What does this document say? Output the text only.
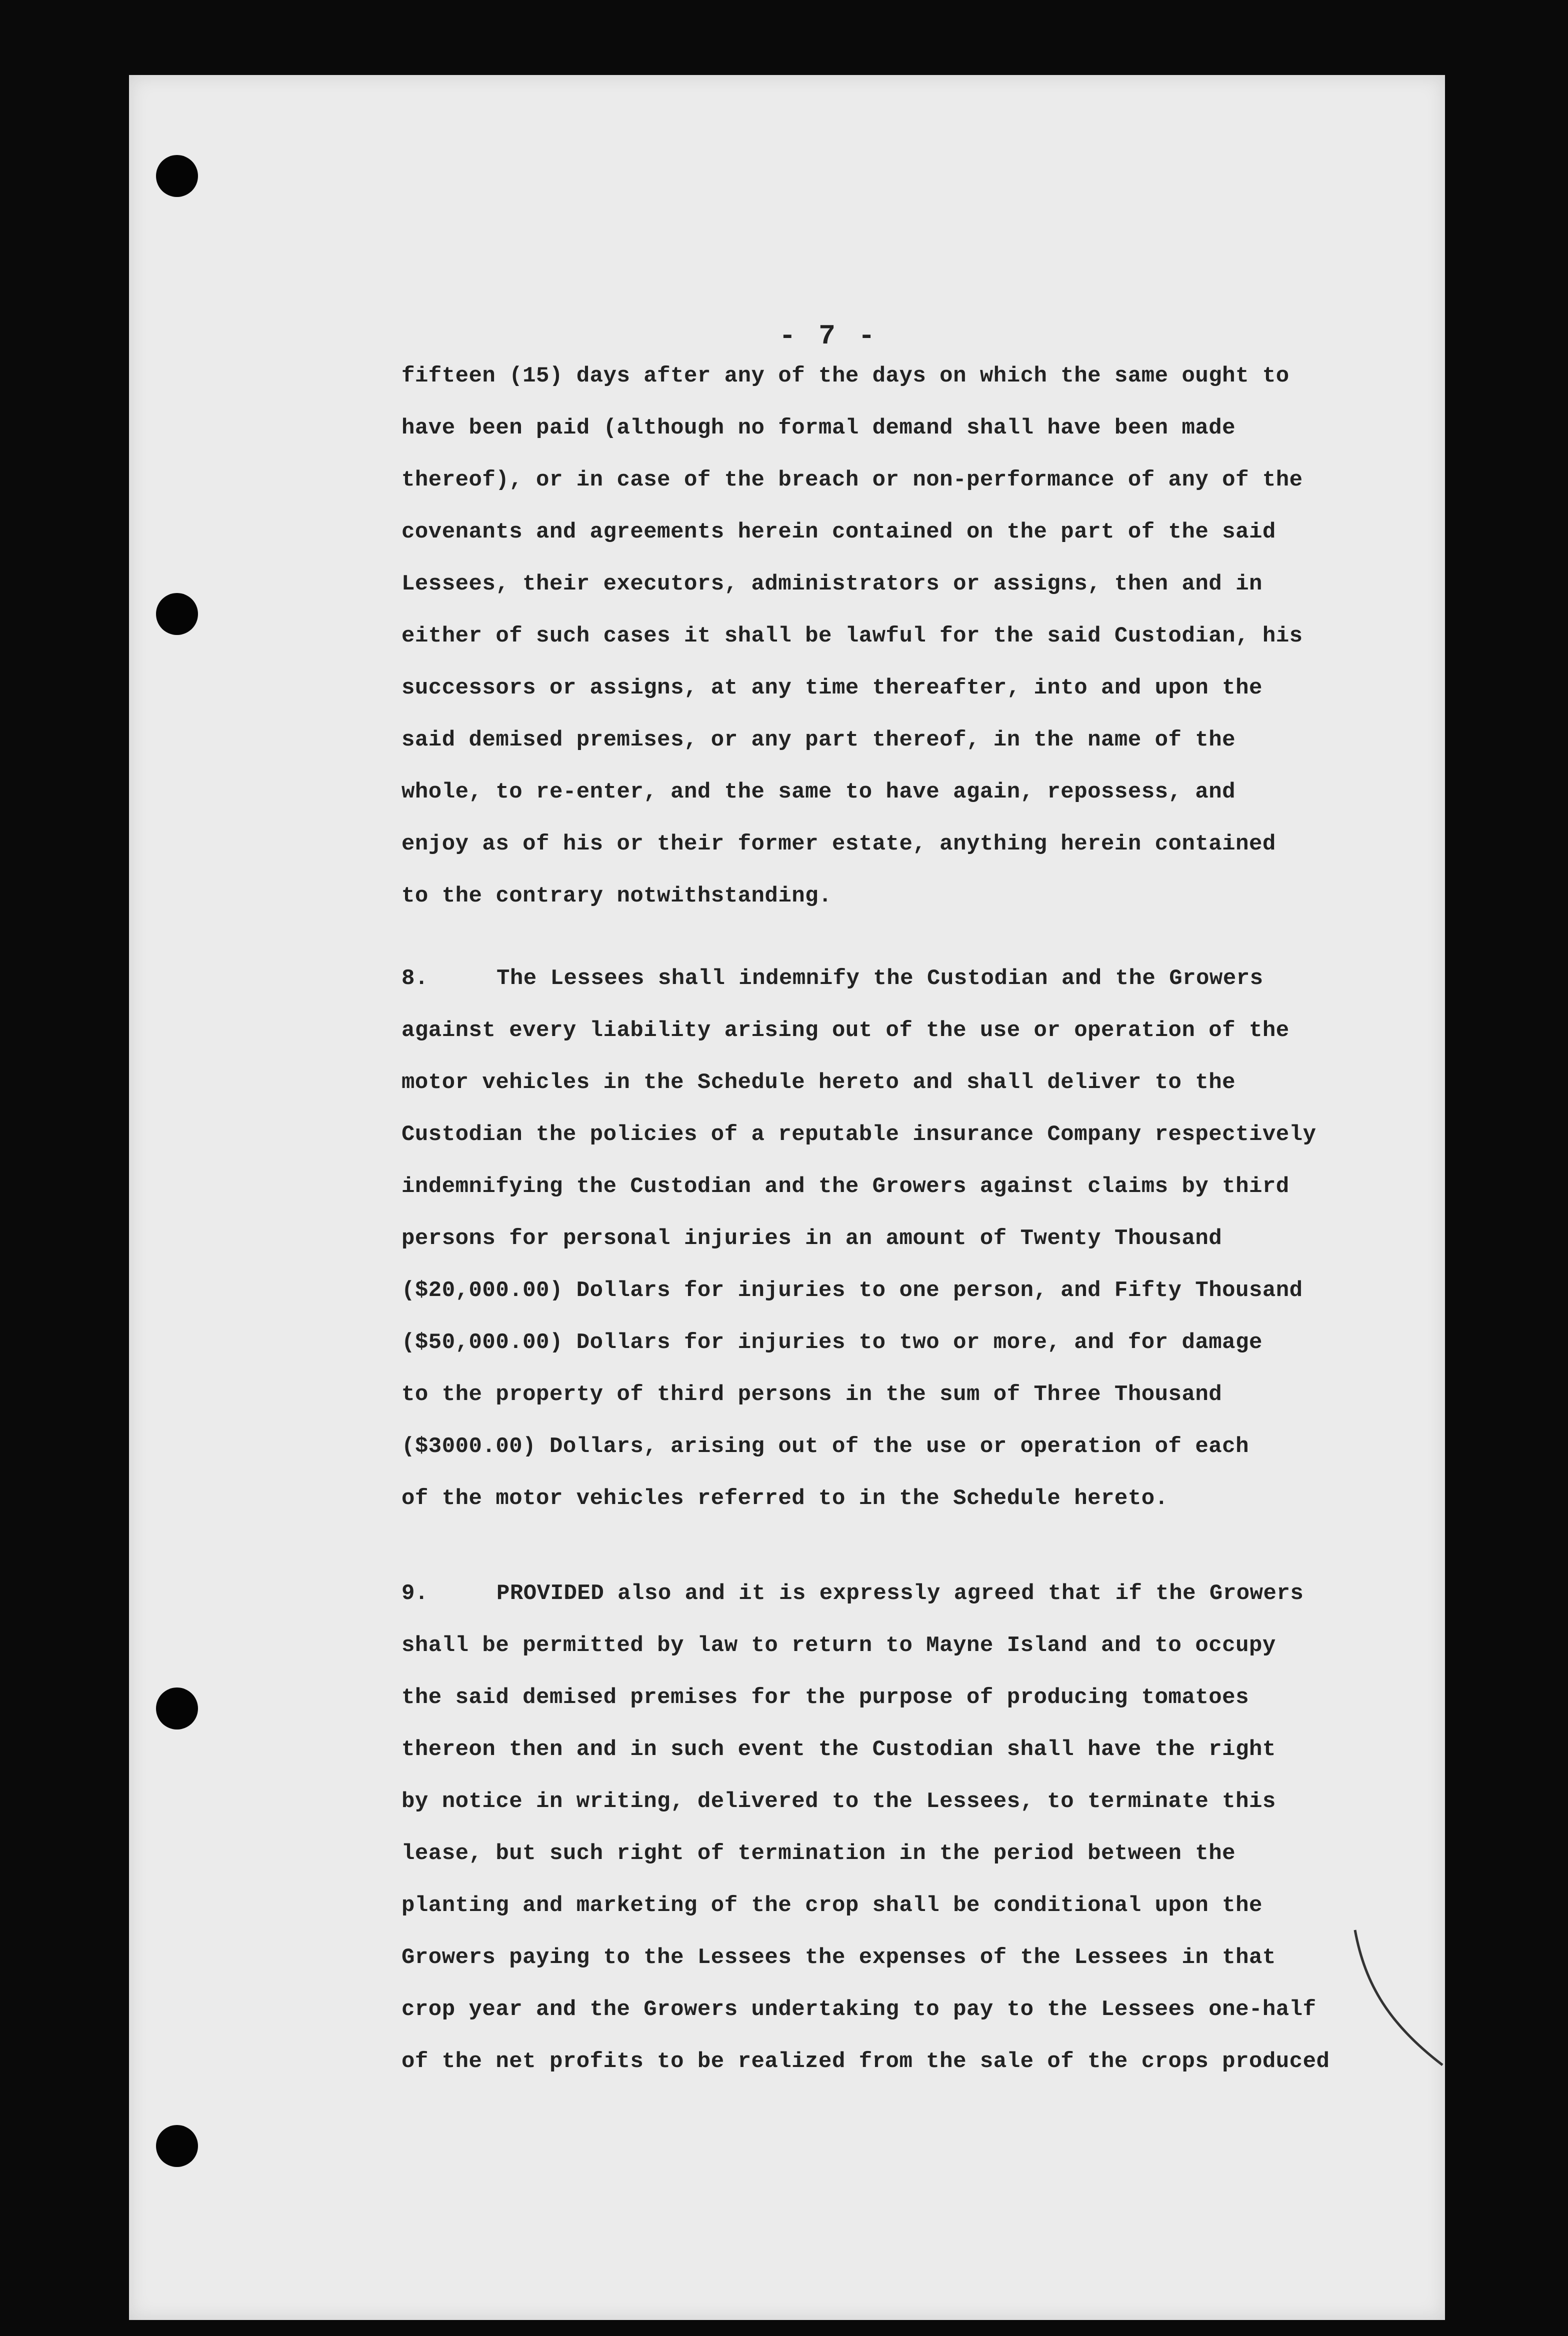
- 7 -
fifteen (15) days after any of the days on which the same ought to
have been paid (although no formal demand shall have been made
thereof), or in case of the breach or non-performance of any of the
covenants and agreements herein contained on the part of the said
Lessees, their executors, administrators or assigns, then and in
either of such cases it shall be lawful for the said Custodian, his
successors or assigns, at any time thereafter, into and upon the
said demised premises, or any part thereof, in the name of the
whole, to re-enter, and the same to have again, repossess, and
enjoy as of his or their former estate, anything herein contained
to the contrary notwithstanding.
8.	The Lessees shall indemnify the Custodian and the Growers
against every liability arising out of the use or operation of the
motor vehicles in the Schedule hereto and shall deliver to the
Custodian the policies of a reputable insurance Company respectively
indemnifying the Custodian and the Growers against claims by third
persons for personal injuries in an amount of Twenty Thousand
($20,000.00) Dollars for injuries to one person, and Fifty Thousand
($50,000.00) Dollars for injuries to two or more, and for damage
to the property of third persons in the sum of Three Thousand
($3000.00) Dollars, arising out of the use or operation of each
of the motor vehicles referred to in the Schedule hereto.
9.	PROVIDED also and it is expressly agreed that if the Growers
shall be permitted by law to return to Mayne Island and to occupy
the said demised premises for the purpose of producing tomatoes
thereon then and in such event the Custodian shall have the right
by notice in writing, delivered to the Lessees, to terminate this
lease, but such right of termination in the period between the
planting and marketing of the crop shall be conditional upon the
Growers paying to the Lessees the expenses of the Lessees in that
crop year and the Growers undertaking to pay to the Lessees one-half
of the net profits to be realized from the sale of the crops produced
